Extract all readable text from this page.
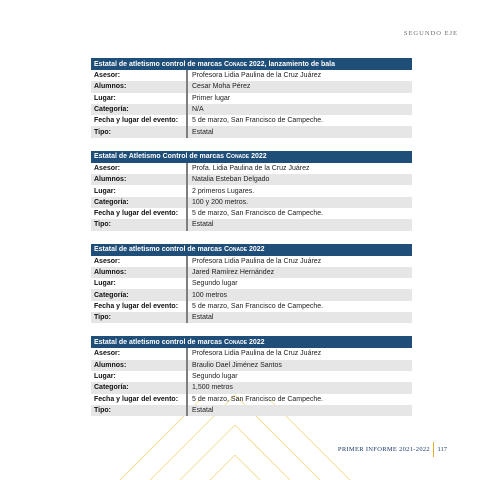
SEGUNDO EJE
Estatal de atletismo control de marcas Conade 2022, lanzamiento de bala	
Asesor:	Profesora Lidia Paulina de la Cruz Juárez
Alumnos:	Cesar Moha Pérez
Lugar:	Primer lugar
Categoría:	N/A
Fecha y lugar del evento:	5 de marzo, San Francisco de Campeche.
Tipo:	Estatal
Estatal de Atletismo Control de marcas Conade 2022	
Asesor:	Profa. Lidia Paulina de la Cruz Juárez
Alumnos:	Natalia Esteban Delgado
Lugar:	2 primeros Lugares.
Categoría:	100 y 200 metros.
Fecha y lugar del evento:	5 de marzo, San Francisco de Campeche.
Tipo:	Estatal
Estatal de atletismo control de marcas Conade 2022	
Asesor:	Profesora Lidia Paulina de la Cruz Juárez
Alumnos:	Jared Ramírez Hernández
Lugar:	Segundo lugar
Categoría:	100 metros
Fecha y lugar del evento:	5 de marzo, San Francisco de Campeche.
Tipo:	Estatal
Estatal de atletismo control de marcas Conade 2022	
Asesor:	Profesora Lidia Paulina de la Cruz Juárez
Alumnos:	Braulio Dael Jiménez Santos
Lugar:	Segundo lugar
Categoría:	1,500 metros
Fecha y lugar del evento:	5 de marzo, San Francisco de Campeche.
Tipo:	Estatal
PRIMER INFORME 2021-2022 117
